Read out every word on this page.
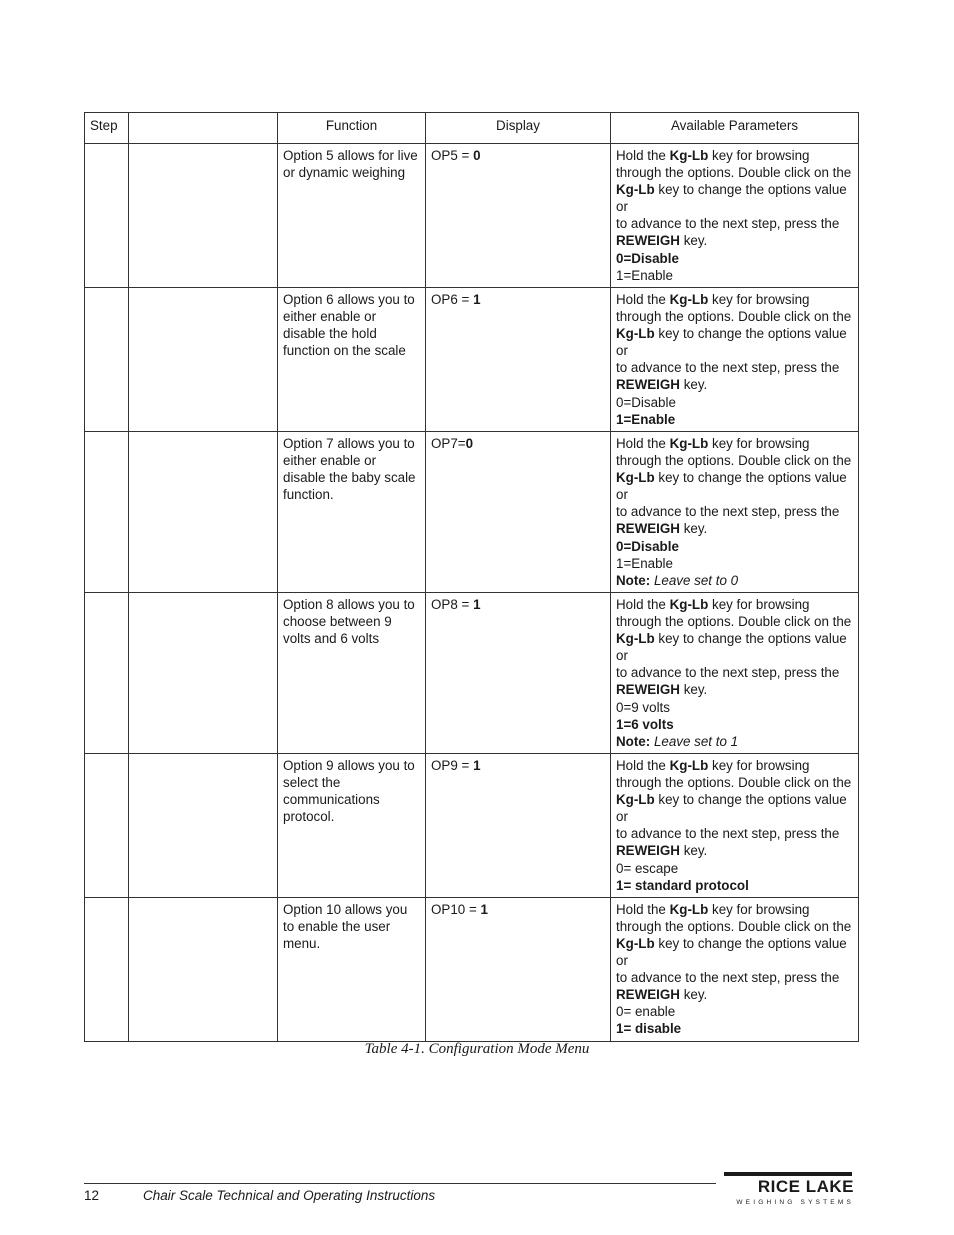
Step		Function	Display	Available Parameters
		Option 5 allows for live or dynamic weighing	OP5 = 0	Hold the Kg-Lb key for browsing through the options. Double click on the Kg-Lb key to change the options value or
to advance to the next step, press the REWEIGH key.
0=Disable
1=Enable
		Option 6 allows you to either enable or disable the hold function on the scale	OP6 = 1	Hold the Kg-Lb key for browsing through the options. Double click on the Kg-Lb key to change the options value or
to advance to the next step, press the REWEIGH key.
0=Disable
1=Enable
		Option 7 allows you to either enable or disable the baby scale function.	OP7=0	Hold the Kg-Lb key for browsing through the options. Double click on the Kg-Lb key to change the options value or
to advance to the next step, press the REWEIGH key.
0=Disable
1=Enable
Note: Leave set to 0
		Option 8 allows you to choose between 9 volts and 6 volts	OP8 = 1	Hold the Kg-Lb key for browsing through the options. Double click on the Kg-Lb key to change the options value or
to advance to the next step, press the REWEIGH key.
0=9 volts
1=6 volts
Note: Leave set to 1
		Option 9 allows you to select the communications protocol.	OP9 = 1	Hold the Kg-Lb key for browsing through the options. Double click on the Kg-Lb key to change the options value or
to advance to the next step, press the REWEIGH key.
0= escape
1= standard protocol
		Option 10 allows you to enable the user menu.	OP10 = 1	Hold the Kg-Lb key for browsing through the options. Double click on the Kg-Lb key to change the options value or
to advance to the next step, press the REWEIGH key.
0= enable
1= disable
Table 4-1. Configuration Mode Menu
12	Chair Scale Technical and Operating Instructions	RICE LAKE
WEIGHING SYSTEMS
